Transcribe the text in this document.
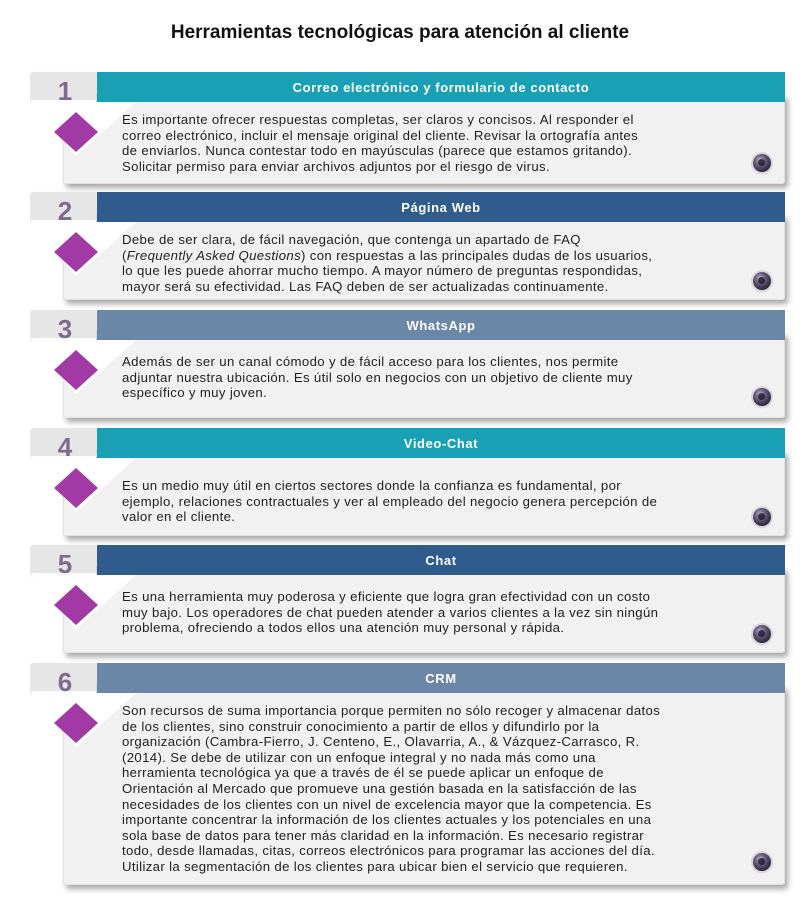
Herramientas tecnológicas para atención al cliente
1	Correo electrónico y formulario de contacto
Es importante ofrecer respuestas completas, ser claros y concisos. Al responder el
correo electrónico, incluir el mensaje original del cliente. Revisar la ortografía antes
de enviarlos. Nunca contestar todo en mayúsculas (parece que estamos gritando).
Solicitar permiso para enviar archivos adjuntos por el riesgo de virus.
2	Página Web
Debe de ser clara, de fácil navegación, que contenga un apartado de FAQ
(Frequently Asked Questions) con respuestas a las principales dudas de los usuarios,
lo que les puede ahorrar mucho tiempo. A mayor número de preguntas respondidas,
mayor será su efectividad. Las FAQ deben de ser actualizadas continuamente.
3	WhatsApp
Además de ser un canal cómodo y de fácil acceso para los clientes, nos permite
adjuntar nuestra ubicación. Es útil solo en negocios con un objetivo de cliente muy
específico y muy joven.
4	Video-Chat
Es un medio muy útil en ciertos sectores donde la confianza es fundamental, por
ejemplo, relaciones contractuales y ver al empleado del negocio genera percepción de
valor en el cliente.
5	Chat
Es una herramienta muy poderosa y eficiente que logra gran efectividad con un costo
muy bajo. Los operadores de chat pueden atender a varios clientes a la vez sin ningún
problema, ofreciendo a todos ellos una atención muy personal y rápida.
6	CRM
Son recursos de suma importancia porque permiten no sólo recoger y almacenar datos
de los clientes, sino construir conocimiento a partir de ellos y difundirlo por la
organización (Cambra-Fierro, J. Centeno, E., Olavarria, A., & Vázquez-Carrasco, R.
(2014). Se debe de utilizar con un enfoque integral y no nada más como una
herramienta tecnológica ya que a través de él se puede aplicar un enfoque de
Orientación al Mercado que promueve una gestión basada en la satisfacción de las
necesidades de los clientes con un nivel de excelencia mayor que la competencia. Es
importante concentrar la información de los clientes actuales y los potenciales en una
sola base de datos para tener más claridad en la información. Es necesario registrar
todo, desde llamadas, citas, correos electrónicos para programar las acciones del día.
Utilizar la segmentación de los clientes para ubicar bien el servicio que requieren.
